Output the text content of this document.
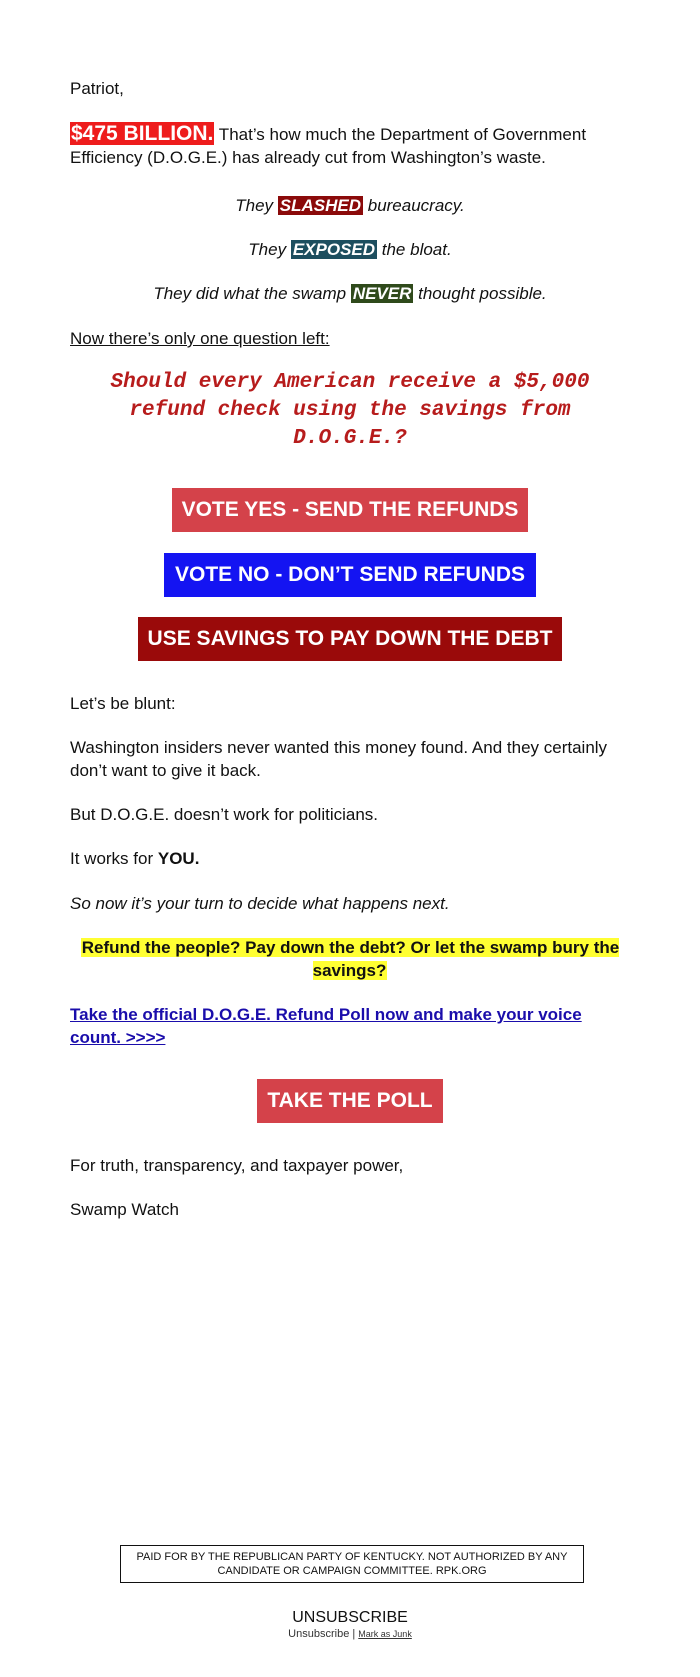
Patriot,

$475 BILLION. That’s how much the Department of Government Efficiency (D.O.G.E.) has already cut from Washington’s waste.

They SLASHED bureaucracy.

They EXPOSED the bloat.

They did what the swamp NEVER thought possible.

Now there’s only one question left:

Should every American receive a $5,000 refund check using the savings from D.O.G.E.?
VOTE YES - SEND THE REFUNDS
VOTE NO - DON’T SEND REFUNDS
USE SAVINGS TO PAY DOWN THE DEBT

Let’s be blunt:

Washington insiders never wanted this money found. And they certainly don’t want to give it back.

But D.O.G.E. doesn’t work for politicians.

It works for YOU.

So now it’s your turn to decide what happens next.

Refund the people? Pay down the debt? Or let the swamp bury the savings?
Take the official D.O.G.E. Refund Poll now and make your voice count. >>>>
TAKE THE POLL

For truth, transparency, and taxpayer power,

Swamp Watch

PAID FOR BY THE REPUBLICAN PARTY OF KENTUCKY. NOT AUTHORIZED BY ANY CANDIDATE OR CAMPAIGN COMMITTEE. RPK.ORG
UNSUBSCRIBE
Unsubscribe | Mark as Junk
